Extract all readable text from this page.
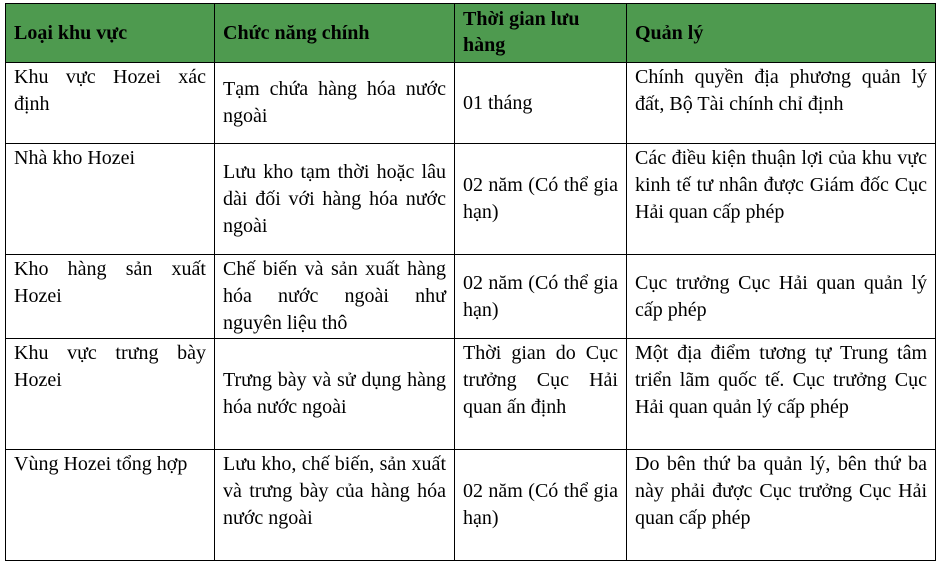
Loại khu vực	Chức năng chính	Thời gian lưu hàng	Quản lý
Khu vực Hozei xác định	Tạm chứa hàng hóa nước ngoài	01 tháng	Chính quyền địa phương quản lý đất, Bộ Tài chính chỉ định
Nhà kho Hozei	Lưu kho tạm thời hoặc lâu dài đối với hàng hóa nước ngoài	02 năm (Có thể gia hạn)	Các điều kiện thuận lợi của khu vực kinh tế tư nhân được Giám đốc Cục Hải quan cấp phép
Kho hàng sản xuất Hozei	Chế biến và sản xuất hàng hóa nước ngoài như nguyên liệu thô	02 năm (Có thể gia hạn)	Cục trưởng Cục Hải quan quản lý cấp phép
Khu vực trưng bày Hozei	Trưng bày và sử dụng hàng hóa nước ngoài	Thời gian do Cục trưởng Cục Hải quan ấn định	Một địa điểm tương tự Trung tâm triển lãm quốc tế. Cục trưởng Cục Hải quan quản lý cấp phép
Vùng Hozei tổng hợp	Lưu kho, chế biến, sản xuất và trưng bày của hàng hóa nước ngoài	02 năm (Có thể gia hạn)	Do bên thứ ba quản lý, bên thứ ba này phải được Cục trưởng Cục Hải quan cấp phép
